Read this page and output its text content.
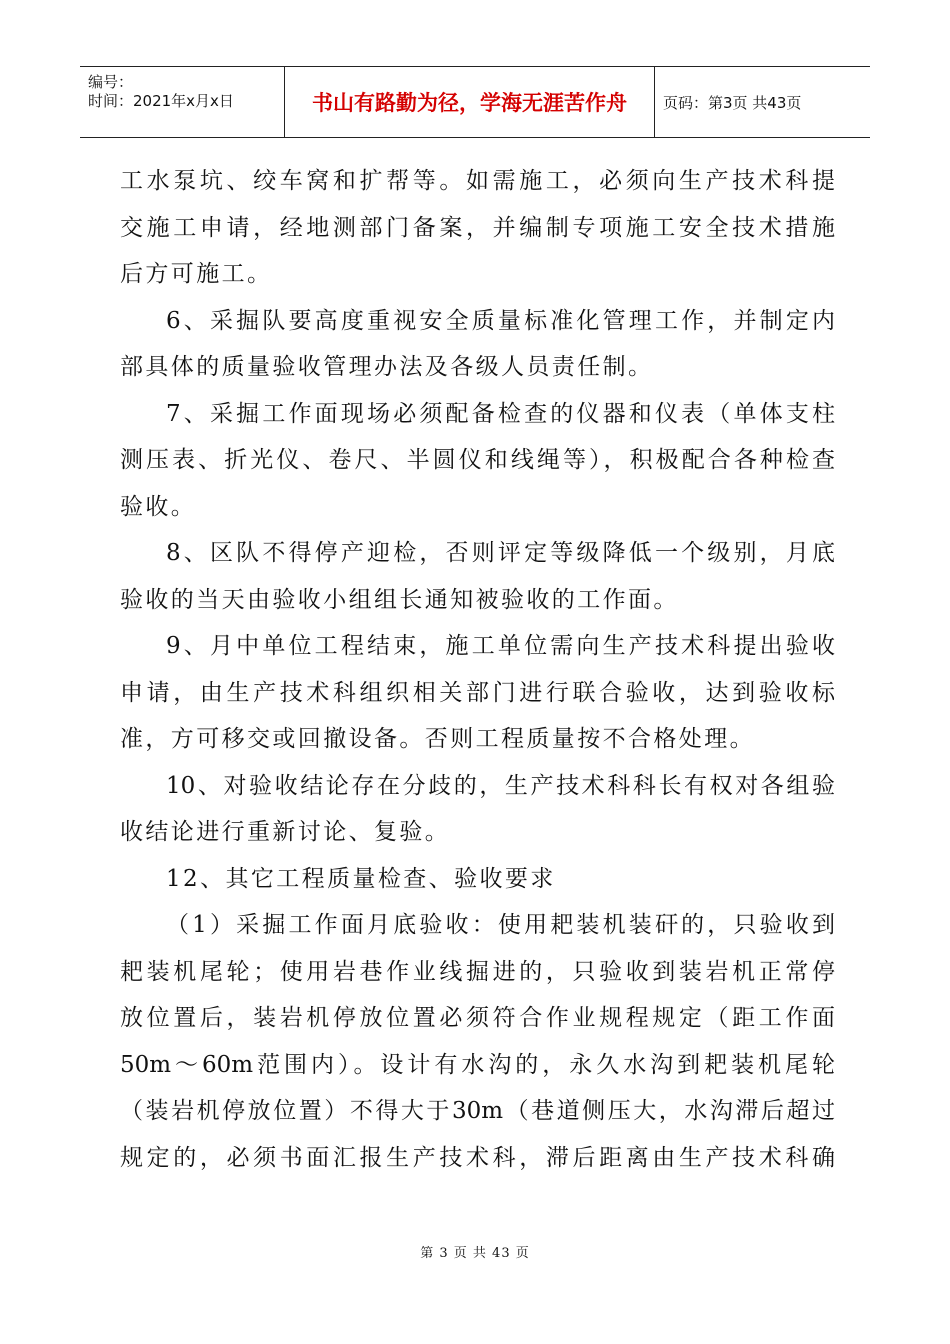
编号：
时间：2021年x月x日	书山有路勤为径，学海无涯苦作舟	页码：第3页 共43页
工水泵坑、绞车窝和扩帮等。如需施工，必须向生产技术科提
交施工申请，经地测部门备案，并编制专项施工安全技术措施
后方可施工。
6、采掘队要高度重视安全质量标准化管理工作，并制定内
部具体的质量验收管理办法及各级人员责任制。
7、采掘工作面现场必须配备检查的仪器和仪表（单体支柱
测压表、折光仪、卷尺、半圆仪和线绳等），积极配合各种检查
验收。
8、区队不得停产迎检，否则评定等级降低一个级别，月底
验收的当天由验收小组组长通知被验收的工作面。
9、月中单位工程结束，施工单位需向生产技术科提出验收
申请，由生产技术科组织相关部门进行联合验收，达到验收标
准，方可移交或回撤设备。否则工程质量按不合格处理。
10、对验收结论存在分歧的，生产技术科科长有权对各组验
收结论进行重新讨论、复验。
12、其它工程质量检查、验收要求
（1）采掘工作面月底验收：使用耙装机装矸的，只验收到
耙装机尾轮；使用岩巷作业线掘进的，只验收到装岩机正常停
放位置后，装岩机停放位置必须符合作业规程规定（距工作面
50m～60m范围内）。设计有水沟的，永久水沟到耙装机尾轮
（装岩机停放位置）不得大于30m（巷道侧压大，水沟滞后超过
规定的，必须书面汇报生产技术科，滞后距离由生产技术科确
第 3 页 共 43 页
